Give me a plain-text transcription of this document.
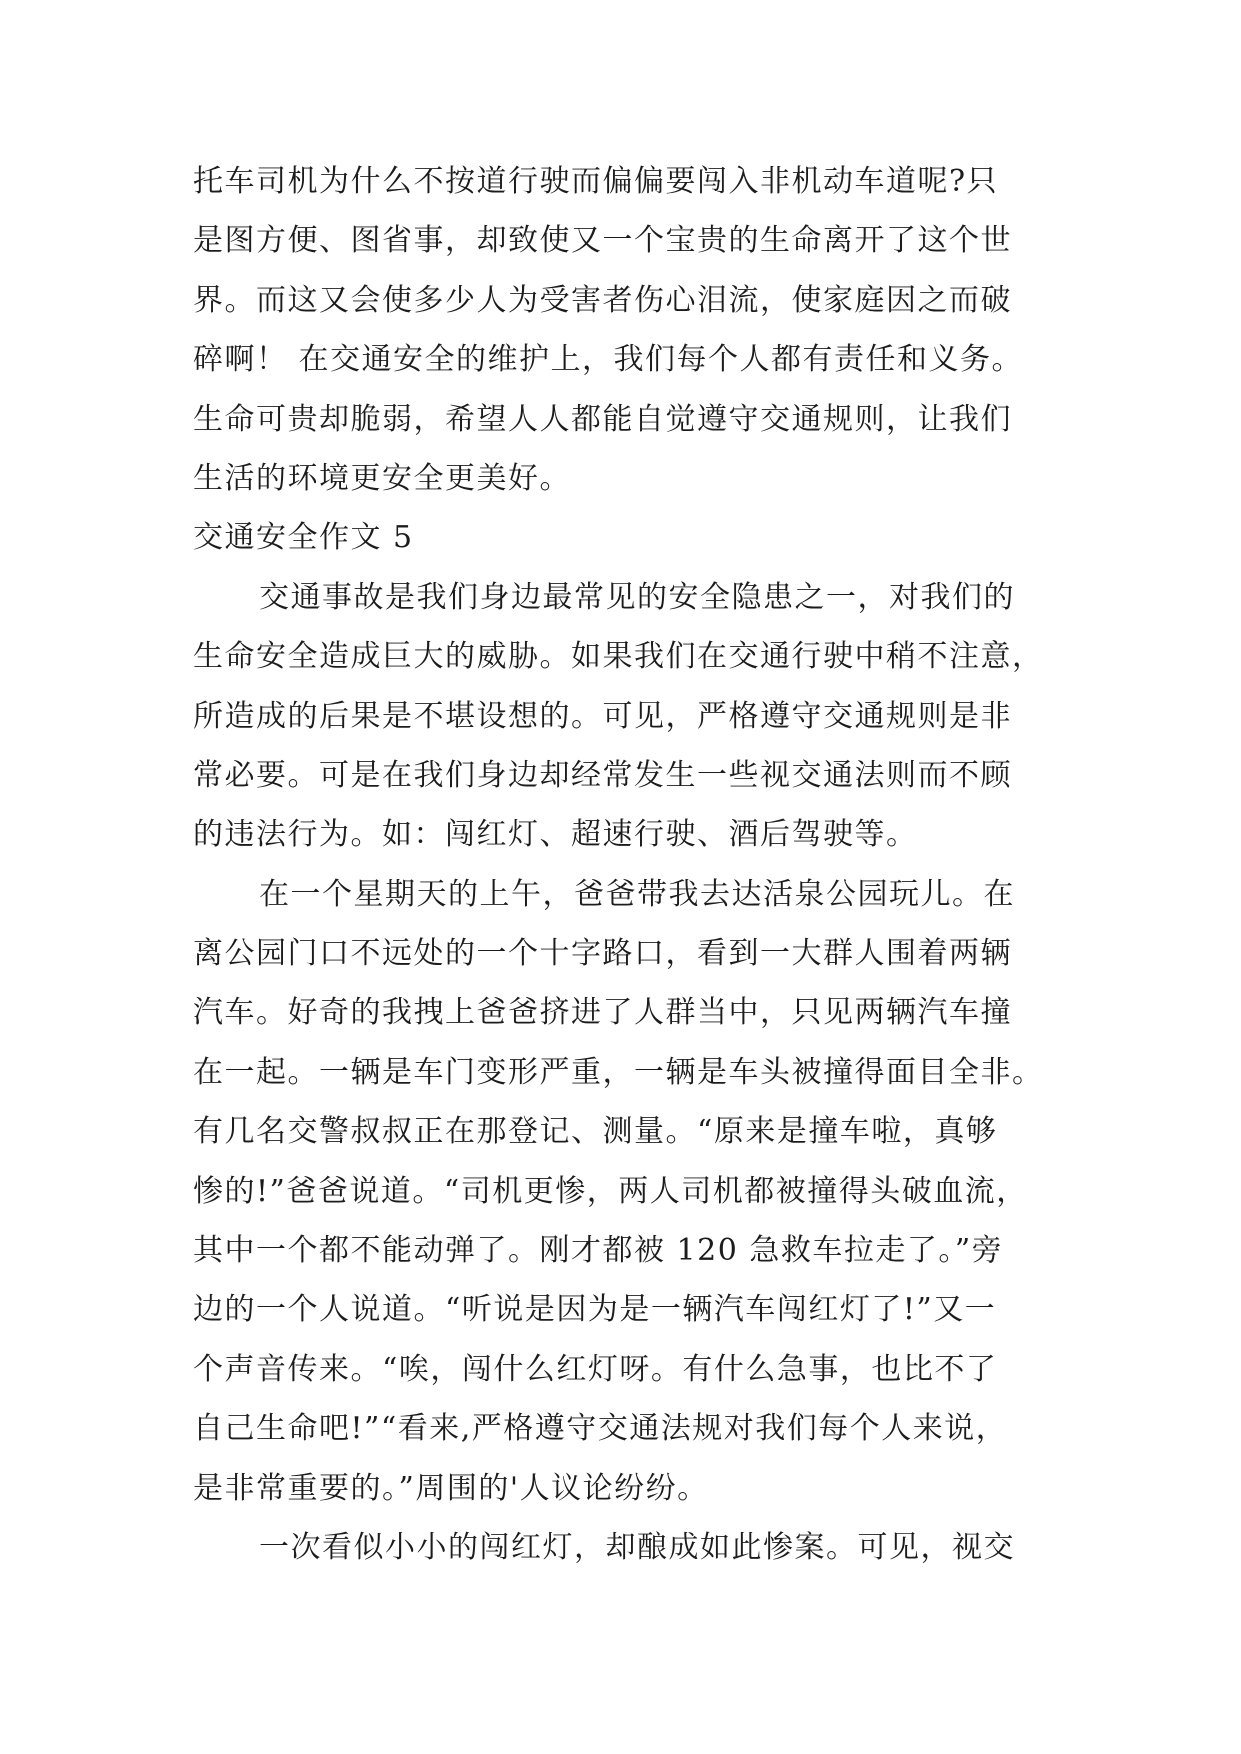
托车司机为什么不按道行驶而偏偏要闯入非机动车道呢?只
是图方便、图省事，却致使又一个宝贵的生命离开了这个世
界。而这又会使多少人为受害者伤心泪流，使家庭因之而破
碎啊！ 在交通安全的维护上，我们每个人都有责任和义务。
生命可贵却脆弱，希望人人都能自觉遵守交通规则，让我们
生活的环境更安全更美好。
交通安全作文 5
交通事故是我们身边最常见的安全隐患之一，对我们的
生命安全造成巨大的威胁。如果我们在交通行驶中稍不注意，
所造成的后果是不堪设想的。可见，严格遵守交通规则是非
常必要。可是在我们身边却经常发生一些视交通法则而不顾
的违法行为。如：闯红灯、超速行驶、酒后驾驶等。
在一个星期天的上午，爸爸带我去达活泉公园玩儿。在
离公园门口不远处的一个十字路口，看到一大群人围着两辆
汽车。好奇的我拽上爸爸挤进了人群当中，只见两辆汽车撞
在一起。一辆是车门变形严重，一辆是车头被撞得面目全非。
有几名交警叔叔正在那登记、测量。“原来是撞车啦，真够
惨的!”爸爸说道。“司机更惨，两人司机都被撞得头破血流，
其中一个都不能动弹了。刚才都被 120 急救车拉走了。”旁
边的一个人说道。“听说是因为是一辆汽车闯红灯了!”又一
个声音传来。“唉，闯什么红灯呀。有什么急事，也比不了
自己生命吧!”“看来,严格遵守交通法规对我们每个人来说，
是非常重要的。”周围的'人议论纷纷。
一次看似小小的闯红灯，却酿成如此惨案。可见，视交
